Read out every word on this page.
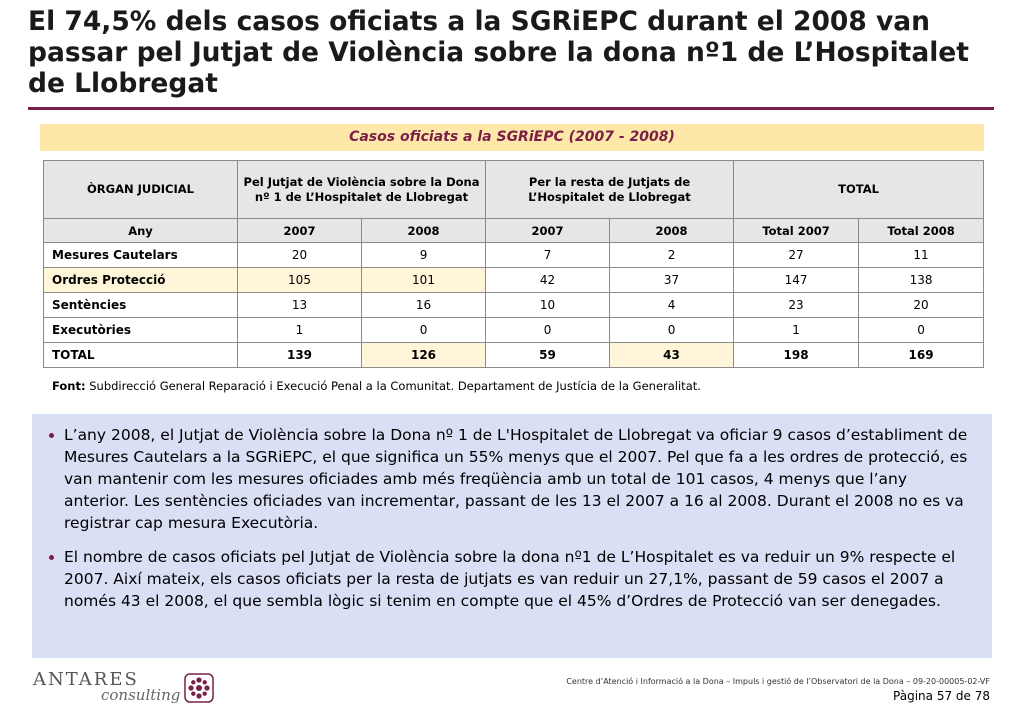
El 74,5% dels casos oficiats a la SGRiEPC durant el 2008 van passar pel Jutjat de Violència sobre la dona nº1 de L’Hospitalet de Llobregat
Casos oficiats a la SGRiEPC (2007 - 2008)
ÒRGAN JUDICIAL	Pel Jutjat de Violència sobre la Dona nº 1 de L’Hospitalet de Llobregat		Per la resta de Jutjats de L’Hospitalet de Llobregat		TOTAL	
Any	2007	2008	2007	2008	Total 2007	Total 2008
Mesures Cautelars	20	9	7	2	27	11
Ordres Protecció	105	101	42	37	147	138
Sentències	13	16	10	4	23	20
Executòries	1	0	0	0	1	0
TOTAL	139	126	59	43	198	169
Font: Subdirecció General Reparació i Execució Penal a la Comunitat. Departament de Justícia de la Generalitat.
L’any 2008, el Jutjat de Violència sobre la Dona nº 1 de L'Hospitalet de Llobregat va oficiar 9 casos d’establiment de Mesures Cautelars a la SGRiEPC, el que significa un 55% menys que el 2007. Pel que fa a les ordres de protecció, es van mantenir com les mesures oficiades amb més freqüència amb un total de 101 casos, 4 menys que l’any anterior. Les sentències oficiades van incrementar, passant de les 13 el 2007 a 16 al 2008. Durant el 2008 no es va registrar cap mesura Executòria.
El nombre de casos oficiats pel Jutjat de Violència sobre la dona nº1 de L’Hospitalet es va reduir un 9% respecte el 2007. Així mateix, els casos oficiats per la resta de jutjats es van reduir un 27,1%, passant de 59 casos el 2007 a només 43 el 2008, el que sembla lògic si tenim en compte que el 45% d’Ordres de Protecció van ser denegades.
ANTARES
consulting
Centre d’Atenció i Informació a la Dona – Impuls i gestió de l’Observatori de la Dona – 09-20-00005-02-VF
Pàgina 57 de 78
